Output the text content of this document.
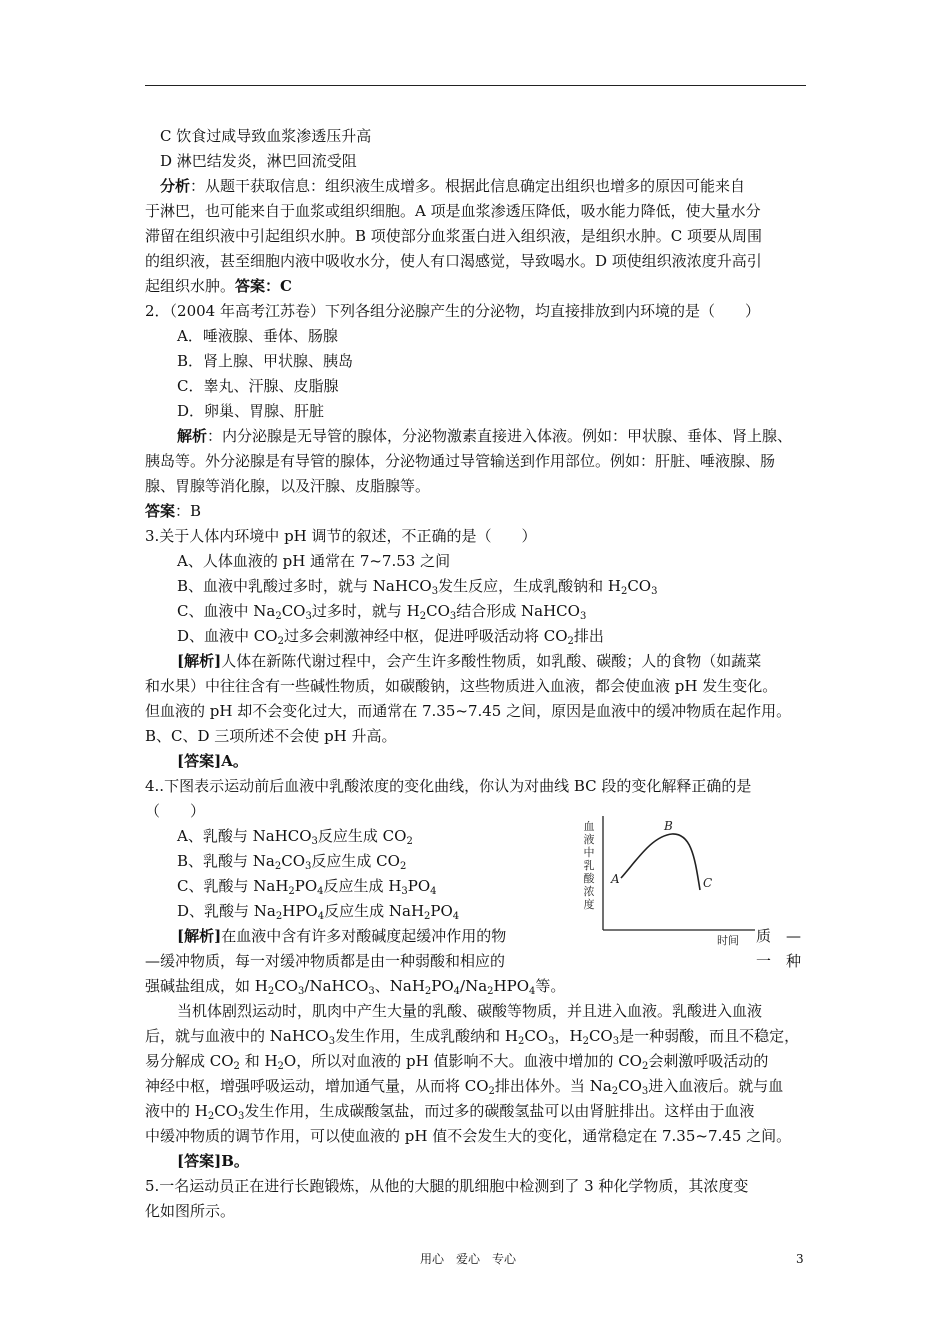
C 饮食过咸导致血浆渗透压升高
D 淋巴结发炎，淋巴回流受阻
分析：从题干获取信息：组织液生成增多。根据此信息确定出组织也增多的原因可能来自
于淋巴，也可能来自于血浆或组织细胞。A 项是血浆渗透压降低，吸水能力降低，使大量水分
滞留在组织液中引起组织水肿。B 项使部分血浆蛋白进入组织液，是组织水肿。C 项要从周围
的组织液，甚至细胞内液中吸收水分，使人有口渴感觉，导致喝水。D 项使组织液浓度升高引
起组织水肿。答案：C
2．（2004 年高考江苏卷）下列各组分泌腺产生的分泌物，均直接排放到内环境的是（　　）
A．唾液腺、垂体、肠腺
B．肾上腺、甲状腺、胰岛
C．睾丸、汗腺、皮脂腺
D．卵巢、胃腺、肝脏
解析：内分泌腺是无导管的腺体，分泌物激素直接进入体液。例如：甲状腺、垂体、肾上腺、
胰岛等。外分泌腺是有导管的腺体，分泌物通过导管输送到作用部位。例如：肝脏、唾液腺、肠
腺、胃腺等消化腺，以及汗腺、皮脂腺等。
答案：B
3.关于人体内环境中 pH 调节的叙述，不正确的是（　　）
A、人体血液的 pH 通常在 7~7.53 之间
B、血液中乳酸过多时，就与 NaHCO$_3$发生反应，生成乳酸钠和 $H_2CO_3$
C、血液中 $Na_2CO_3$过多时，就与 $H_2CO_3$结合形成 NaHCO$_3$
D、血液中 $CO_2$过多会刺激神经中枢，促进呼吸活动将 $CO_2$排出
[解析]人体在新陈代谢过程中，会产生许多酸性物质，如乳酸、碳酸；人的食物（如蔬菜
和水果）中往往含有一些碱性物质，如碳酸钠，这些物质进入血液，都会使血液 pH 发生变化。
但血液的 pH 却不会变化过大，而通常在 7.35~7.45 之间，原因是血液中的缓冲物质在起作用。
B、C、D 三项所述不会使 pH 升高。
[答案]A。
4..下图表示运动前后血液中乳酸浓度的变化曲线，你认为对曲线 BC 段的变化解释正确的是
（　　）
A、乳酸与 NaHCO$_3$反应生成 $CO_2$
B、乳酸与 $Na_2CO_3$反应生成 $CO_2$
C、乳酸与 $NaH_2PO_4$反应生成 $H_3PO_4$
D、乳酸与 $Na_2HPO_4$反应生成 $NaH_2PO_4$
[解析]在血液中含有许多对酸碱度起缓冲作用的物	质　—
—缓冲物质，每一对缓冲物质都是由一种弱酸和相应的	一　种
强碱盐组成，如 $H_2CO_3/NaHCO_3$、$NaH_2PO_4/Na_2HPO_4$等。
当机体剧烈运动时，肌肉中产生大量的乳酸、碳酸等物质，并且进入血液。乳酸进入血液
后，就与血液中的 NaHCO$_3$发生作用，生成乳酸纳和 $H_2CO_3$，$H_2CO_3$是一种弱酸，而且不稳定，
易分解成 $CO_2$ 和 $H_2O$，所以对血液的 pH 值影响不大。血液中增加的 $CO_2$会刺激呼吸活动的
神经中枢，增强呼吸运动，增加通气量，从而将 $CO_2$排出体外。当 $Na_2CO_3$进入血液后。就与血
液中的 $H_2CO_3$发生作用，生成碳酸氢盐，而过多的碳酸氢盐可以由肾脏排出。这样由于血液
中缓冲物质的调节作用，可以使血液的 pH 值不会发生大的变化，通常稳定在 7.35~7.45 之间。
[答案]B。
5.一名运动员正在进行长跑锻炼，从他的大腿的肌细胞中检测到了 3 种化学物质，其浓度变
化如图所示。
血
液
中
乳
酸
浓
度
时间
A
B
C
用心　爱心　专心	3
